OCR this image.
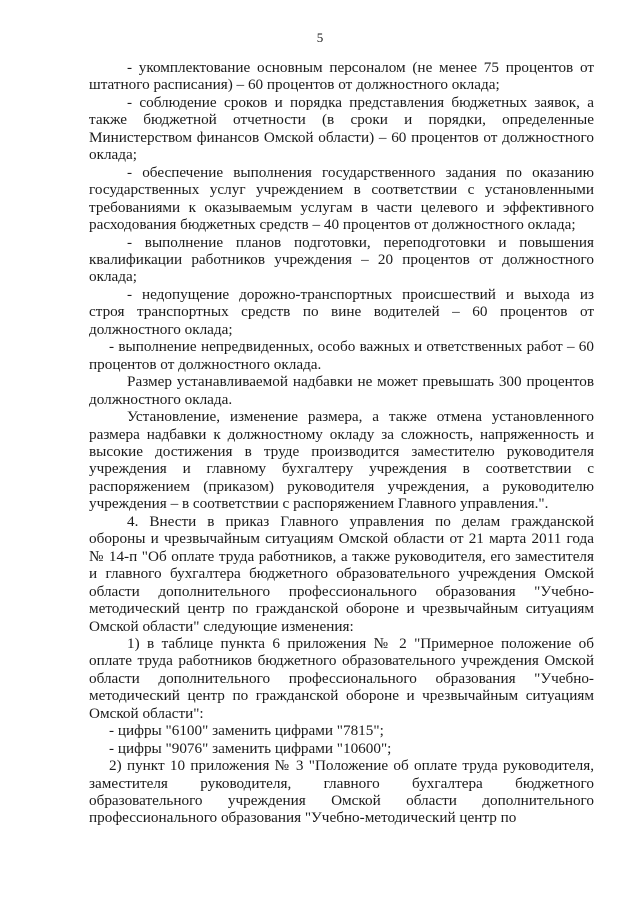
5

- укомплектование основным персоналом (не менее 75 процентов от штатного расписания) – 60 процентов от должностного оклада;

- соблюдение сроков и порядка представления бюджетных заявок, а также бюджетной отчетности (в сроки и порядки, определенные Министерством финансов Омской области) – 60 процентов от должностного оклада;

- обеспечение выполнения государственного задания по оказанию государственных услуг учреждением в соответствии с установленными требованиями к оказываемым услугам в части целевого и эффективного расходования бюджетных средств – 40 процентов от должностного оклада;

- выполнение планов подготовки, переподготовки и повышения квалификации работников учреждения – 20 процентов от должностного оклада;

- недопущение дорожно-транспортных происшествий и выхода из строя транспортных средств по вине водителей – 60 процентов от должностного оклада;

- выполнение непредвиденных, особо важных и ответственных работ – 60 процентов от должностного оклада.

Размер устанавливаемой надбавки не может превышать 300 процентов должностного оклада.

Установление, изменение размера, а также отмена установленного размера надбавки к должностному окладу за сложность, напряженность и высокие достижения в труде производится заместителю руководителя учреждения и главному бухгалтеру учреждения в соответствии с распоряжением (приказом) руководителя учреждения, а руководителю учреждения – в соответствии с распоряжением Главного управления.".

4. Внести в приказ Главного управления по делам гражданской обороны и чрезвычайным ситуациям Омской области от 21 марта 2011 года № 14-п "Об оплате труда работников, а также руководителя, его заместителя и главного бухгалтера бюджетного образовательного учреждения Омской области дополнительного профессионального образования "Учебно-методический центр по гражданской обороне и чрезвычайным ситуациям Омской области" следующие изменения:

1) в таблице пункта 6 приложения № 2 "Примерное положение об оплате труда работников бюджетного образовательного учреждения Омской области дополнительного профессионального образования "Учебно-методический центр по гражданской обороне и чрезвычайным ситуациям Омской области":

- цифры "6100" заменить цифрами "7815";

- цифры "9076" заменить цифрами "10600";

2) пункт 10 приложения № 3 "Положение об оплате труда руководителя, заместителя руководителя, главного бухгалтера бюджетного образовательного учреждения Омской области дополнительного профессионального образования "Учебно-методический центр по
